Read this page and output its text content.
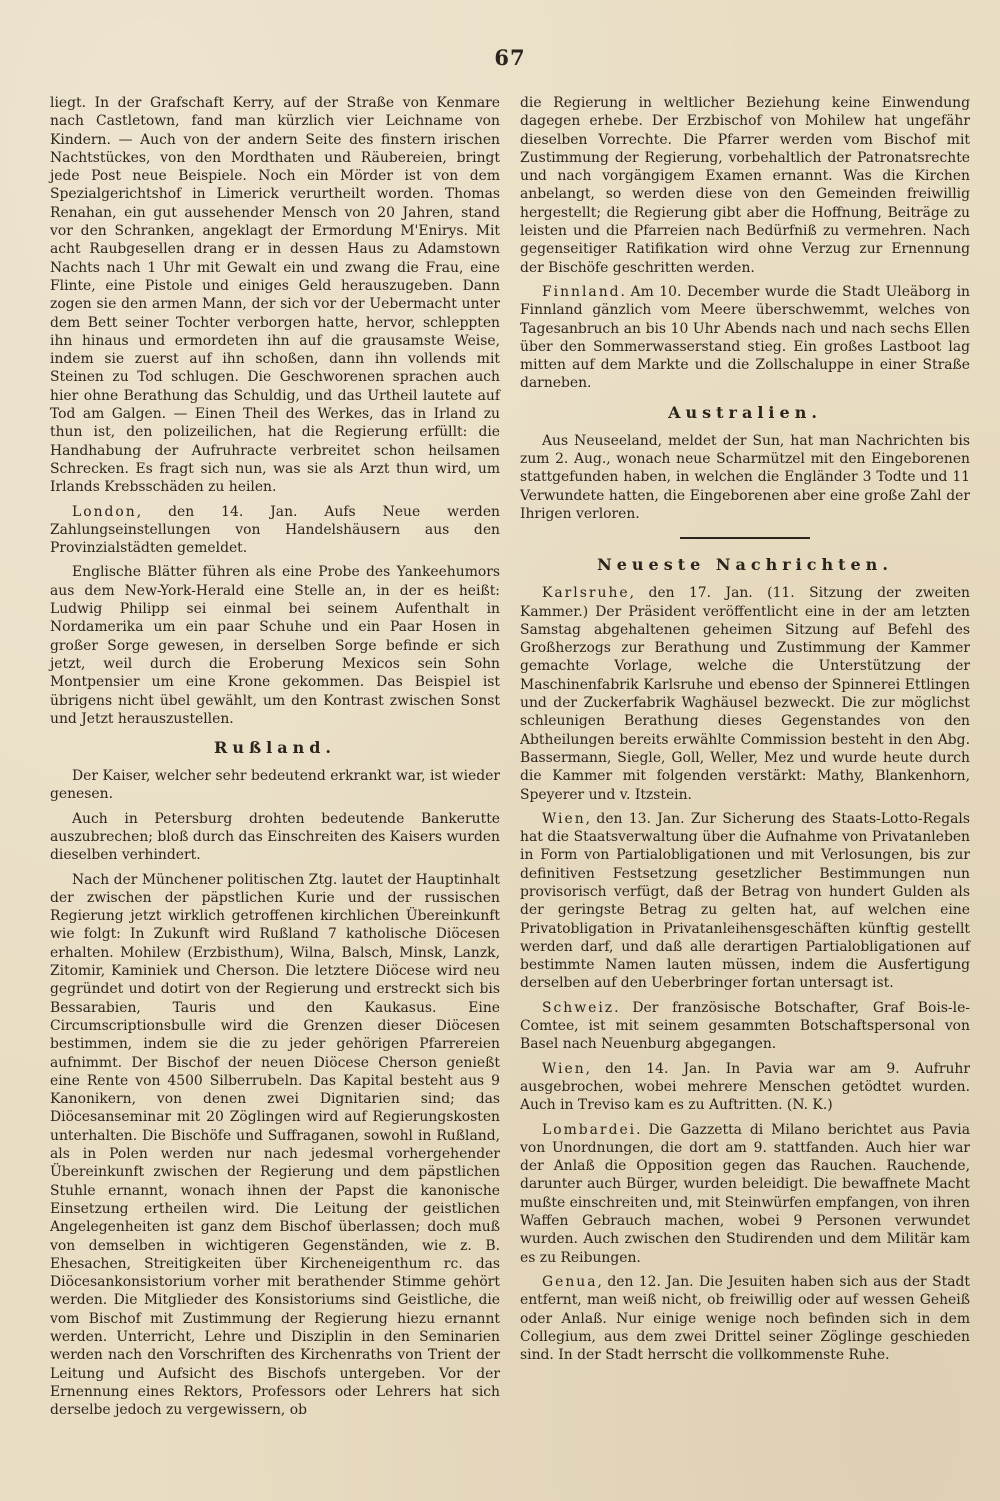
67

liegt. In der Grafschaft Kerry, auf der Straße von Kenmare nach Castletown, fand man kürzlich vier Leichname von Kindern. — Auch von der andern Seite des finstern irischen Nachtstückes, von den Mordthaten und Räubereien, bringt jede Post neue Beispiele. Noch ein Mörder ist von dem Spezialgerichtshof in Limerick verurtheilt worden. Thomas Renahan, ein gut aussehender Mensch von 20 Jahren, stand vor den Schranken, angeklagt der Ermordung M'Enirys. Mit acht Raubgesellen drang er in dessen Haus zu Adamstown Nachts nach 1 Uhr mit Gewalt ein und zwang die Frau, eine Flinte, eine Pistole und einiges Geld herauszugeben. Dann zogen sie den armen Mann, der sich vor der Uebermacht unter dem Bett seiner Tochter verborgen hatte, hervor, schleppten ihn hinaus und ermordeten ihn auf die grausamste Weise, indem sie zuerst auf ihn schoßen, dann ihn vollends mit Steinen zu Tod schlugen. Die Geschworenen sprachen auch hier ohne Berathung das Schuldig, und das Urtheil lautete auf Tod am Galgen. — Einen Theil des Werkes, das in Irland zu thun ist, den polizeilichen, hat die Regierung erfüllt: die Handhabung der Aufruhracte verbreitet schon heilsamen Schrecken. Es fragt sich nun, was sie als Arzt thun wird, um Irlands Krebsschäden zu heilen.

London, den 14. Jan. Aufs Neue werden Zahlungseinstellungen von Handelshäusern aus den Provinzialstädten gemeldet.

Englische Blätter führen als eine Probe des Yankeehumors aus dem New-York-Herald eine Stelle an, in der es heißt: Ludwig Philipp sei einmal bei seinem Aufenthalt in Nordamerika um ein paar Schuhe und ein Paar Hosen in großer Sorge gewesen, in derselben Sorge befinde er sich jetzt, weil durch die Eroberung Mexicos sein Sohn Montpensier um eine Krone gekommen. Das Beispiel ist übrigens nicht übel gewählt, um den Kontrast zwischen Sonst und Jetzt herauszustellen.

Rußland.

Der Kaiser, welcher sehr bedeutend erkrankt war, ist wieder genesen.

Auch in Petersburg drohten bedeutende Bankerutte auszubrechen; bloß durch das Einschreiten des Kaisers wurden dieselben verhindert.

Nach der Münchener politischen Ztg. lautet der Hauptinhalt der zwischen der päpstlichen Kurie und der russischen Regierung jetzt wirklich getroffenen kirchlichen Übereinkunft wie folgt: In Zukunft wird Rußland 7 katholische Diöcesen erhalten. Mohilew (Erzbisthum), Wilna, Balsch, Minsk, Lanzk, Zitomir, Kaminiek und Cherson. Die letztere Diöcese wird neu gegründet und dotirt von der Regierung und erstreckt sich bis Bessarabien, Tauris und den Kaukasus. Eine Circumscriptionsbulle wird die Grenzen dieser Diöcesen bestimmen, indem sie die zu jeder gehörigen Pfarrereien aufnimmt. Der Bischof der neuen Diöcese Cherson genießt eine Rente von 4500 Silberrubeln. Das Kapital besteht aus 9 Kanonikern, von denen zwei Dignitarien sind; das Diöcesanseminar mit 20 Zöglingen wird auf Regierungskosten unterhalten. Die Bischöfe und Suffraganen, sowohl in Rußland, als in Polen werden nur nach jedesmal vorhergehender Übereinkunft zwischen der Regierung und dem päpstlichen Stuhle ernannt, wonach ihnen der Papst die kanonische Einsetzung ertheilen wird. Die Leitung der geistlichen Angelegenheiten ist ganz dem Bischof überlassen; doch muß von demselben in wichtigeren Gegenständen, wie z. B. Ehesachen, Streitigkeiten über Kircheneigenthum rc. das Diöcesankonsistorium vorher mit berathender Stimme gehört werden. Die Mitglieder des Konsistoriums sind Geistliche, die vom Bischof mit Zustimmung der Regierung hiezu ernannt werden. Unterricht, Lehre und Disziplin in den Seminarien werden nach den Vorschriften des Kirchenraths von Trient der Leitung und Aufsicht des Bischofs untergeben. Vor der Ernennung eines Rektors, Professors oder Lehrers hat sich derselbe jedoch zu vergewissern, ob

die Regierung in weltlicher Beziehung keine Einwendung dagegen erhebe. Der Erzbischof von Mohilew hat ungefähr dieselben Vorrechte. Die Pfarrer werden vom Bischof mit Zustimmung der Regierung, vorbehaltlich der Patronatsrechte und nach vorgängigem Examen ernannt. Was die Kirchen anbelangt, so werden diese von den Gemeinden freiwillig hergestellt; die Regierung gibt aber die Hoffnung, Beiträge zu leisten und die Pfarreien nach Bedürfniß zu vermehren. Nach gegenseitiger Ratifikation wird ohne Verzug zur Ernennung der Bischöfe geschritten werden.

Finnland. Am 10. December wurde die Stadt Uleäborg in Finnland gänzlich vom Meere überschwemmt, welches von Tagesanbruch an bis 10 Uhr Abends nach und nach sechs Ellen über den Sommerwasserstand stieg. Ein großes Lastboot lag mitten auf dem Markte und die Zollschaluppe in einer Straße darneben.

Australien.

Aus Neuseeland, meldet der Sun, hat man Nachrichten bis zum 2. Aug., wonach neue Scharmützel mit den Eingeborenen stattgefunden haben, in welchen die Engländer 3 Todte und 11 Verwundete hatten, die Eingeborenen aber eine große Zahl der Ihrigen verloren.

Neueste Nachrichten.

Karlsruhe, den 17. Jan. (11. Sitzung der zweiten Kammer.) Der Präsident veröffentlicht eine in der am letzten Samstag abgehaltenen geheimen Sitzung auf Befehl des Großherzogs zur Berathung und Zustimmung der Kammer gemachte Vorlage, welche die Unterstützung der Maschinenfabrik Karlsruhe und ebenso der Spinnerei Ettlingen und der Zuckerfabrik Waghäusel bezweckt. Die zur möglichst schleunigen Berathung dieses Gegenstandes von den Abtheilungen bereits erwählte Commission besteht in den Abg. Bassermann, Siegle, Goll, Weller, Mez und wurde heute durch die Kammer mit folgenden verstärkt: Mathy, Blankenhorn, Speyerer und v. Itzstein.

Wien, den 13. Jan. Zur Sicherung des Staats-Lotto-Regals hat die Staatsverwaltung über die Aufnahme von Privatanleben in Form von Partialobligationen und mit Verlosungen, bis zur definitiven Festsetzung gesetzlicher Bestimmungen nun provisorisch verfügt, daß der Betrag von hundert Gulden als der geringste Betrag zu gelten hat, auf welchen eine Privatobligation in Privatanleihensgeschäften künftig gestellt werden darf, und daß alle derartigen Partialobligationen auf bestimmte Namen lauten müssen, indem die Ausfertigung derselben auf den Ueberbringer fortan untersagt ist.

Schweiz. Der französische Botschafter, Graf Bois-le-Comtee, ist mit seinem gesammten Botschaftspersonal von Basel nach Neuenburg abgegangen.

Wien, den 14. Jan. In Pavia war am 9. Aufruhr ausgebrochen, wobei mehrere Menschen getödtet wurden. Auch in Treviso kam es zu Auftritten. (N. K.)

Lombardei. Die Gazzetta di Milano berichtet aus Pavia von Unordnungen, die dort am 9. stattfanden. Auch hier war der Anlaß die Opposition gegen das Rauchen. Rauchende, darunter auch Bürger, wurden beleidigt. Die bewaffnete Macht mußte einschreiten und, mit Steinwürfen empfangen, von ihren Waffen Gebrauch machen, wobei 9 Personen verwundet wurden. Auch zwischen den Studirenden und dem Militär kam es zu Reibungen.

Genua, den 12. Jan. Die Jesuiten haben sich aus der Stadt entfernt, man weiß nicht, ob freiwillig oder auf wessen Geheiß oder Anlaß. Nur einige wenige noch befinden sich in dem Collegium, aus dem zwei Drittel seiner Zöglinge geschieden sind. In der Stadt herrscht die vollkommenste Ruhe.
